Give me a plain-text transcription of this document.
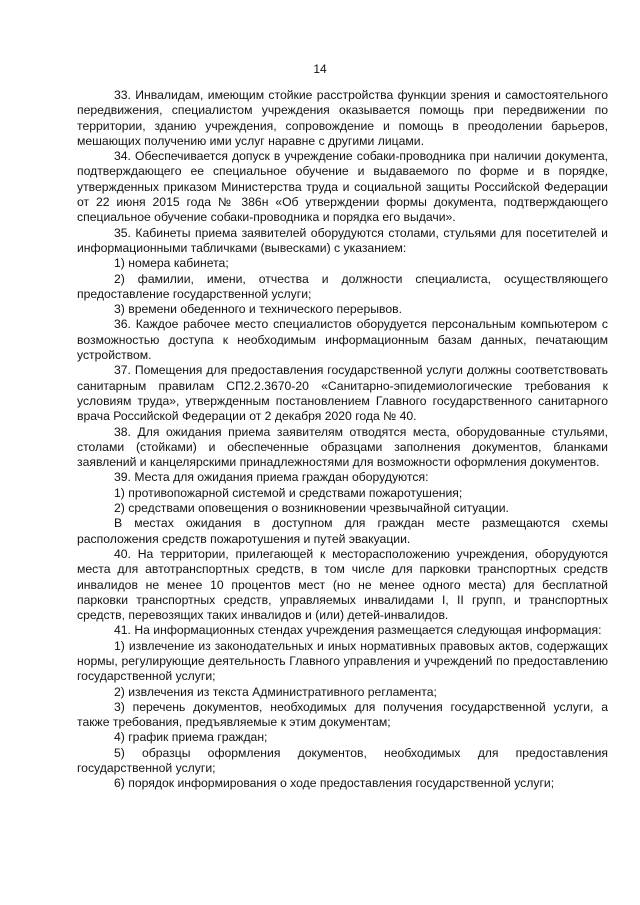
14

33. Инвалидам, имеющим стойкие расстройства функции зрения и самостоятельного передвижения, специалистом учреждения оказывается помощь при передвижении по территории, зданию учреждения, сопровождение и помощь в преодолении барьеров, мешающих получению ими услуг наравне с другими лицами.

34. Обеспечивается допуск в учреждение собаки-проводника при наличии документа, подтверждающего ее специальное обучение и выдаваемого по форме и в порядке, утвержденных приказом Министерства труда и социальной защиты Российской Федерации от 22 июня 2015 года № 386н «Об утверждении формы документа, подтверждающего специальное обучение собаки-проводника и порядка его выдачи».

35. Кабинеты приема заявителей оборудуются столами, стульями для посетителей и информационными табличками (вывесками) с указанием:

1) номера кабинета;

2) фамилии, имени, отчества и должности специалиста, осуществляющего предоставление государственной услуги;

3) времени обеденного и технического перерывов.

36. Каждое рабочее место специалистов оборудуется персональным компьютером с возможностью доступа к необходимым информационным базам данных, печатающим устройством.

37. Помещения для предоставления государственной услуги должны соответствовать санитарным правилам СП2.2.3670-20 «Санитарно-эпидемиологические требования к условиям труда», утвержденным постановлением Главного государственного санитарного врача Российской Федерации от 2 декабря 2020 года № 40.

38. Для ожидания приема заявителям отводятся места, оборудованные стульями, столами (стойками) и обеспеченные образцами заполнения документов, бланками заявлений и канцелярскими принадлежностями для возможности оформления документов.

39. Места для ожидания приема граждан оборудуются:

1) противопожарной системой и средствами пожаротушения;

2) средствами оповещения о возникновении чрезвычайной ситуации.

В местах ожидания в доступном для граждан месте размещаются схемы расположения средств пожаротушения и путей эвакуации.

40. На территории, прилегающей к месторасположению учреждения, оборудуются места для автотранспортных средств, в том числе для парковки транспортных средств инвалидов не менее 10 процентов мест (но не менее одного места) для бесплатной парковки транспортных средств, управляемых инвалидами I, II групп, и транспортных средств, перевозящих таких инвалидов и (или) детей-инвалидов.

41. На информационных стендах учреждения размещается следующая информация:

1) извлечение из законодательных и иных нормативных правовых актов, содержащих нормы, регулирующие деятельность Главного управления и учреждений по предоставлению государственной услуги;

2) извлечения из текста Административного регламента;

3) перечень документов, необходимых для получения государственной услуги, а также требования, предъявляемые к этим документам;

4) график приема граждан;

5) образцы оформления документов, необходимых для предоставления государственной услуги;

6) порядок информирования о ходе предоставления государственной услуги;
